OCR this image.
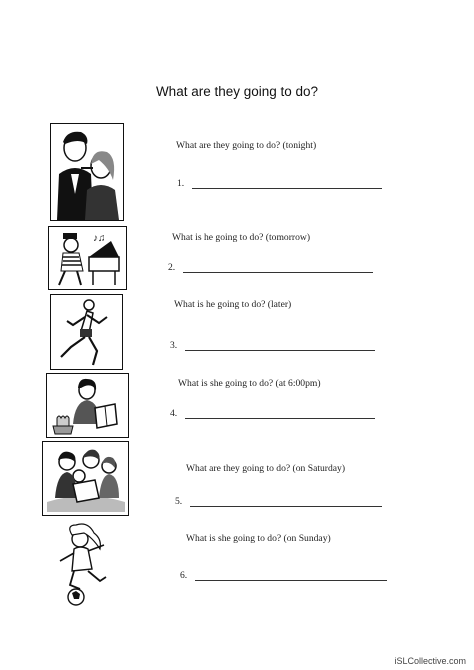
What are they going to do?
What are they going to do? (tonight)
1.
♪♫	What is he going to do? (tomorrow)
2.
What is he going to do? (later)
3.
What is she going to do? (at 6:00pm)
4.
What are they going to do? (on Saturday)
5.
What is she going to do? (on Sunday)
6.
iSLCollective.com
